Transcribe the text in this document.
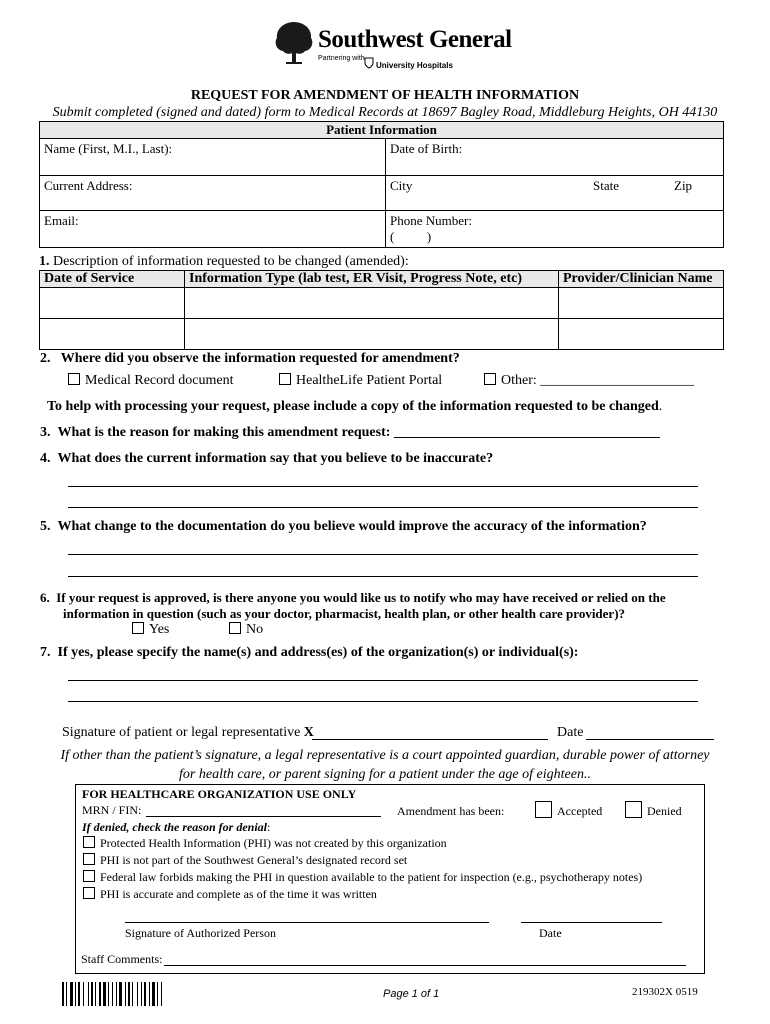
Southwest General
Partnering with
University Hospitals
REQUEST FOR AMENDMENT OF HEALTH INFORMATION
Submit completed (signed and dated) form to Medical Records at 18697 Bagley Road, Middleburg Heights, OH 44130
Patient Information	
Name (First, M.I., Last):	Date of Birth:
Current Address:	City State Zip

Email:	Phone Number:
(          )
1. Description of information requested to be changed (amended):
Date of Service	Information Type (lab test, ER Visit, Progress Note, etc)	Provider/Clinician Name

2. Where did you observe the information requested for amendment?
Medical Record document	HealtheLife Patient Portal	Other: ______________________
To help with processing your request, please include a copy of the information requested to be changed.
3. What is the reason for making this amendment request: ______________________________________
4. What does the current information say that you believe to be inaccurate?
5. What change to the documentation do you believe would improve the accuracy of the information?
6. If your request is approved, is there anyone you would like us to notify who may have received or relied on the
information in question (such as your doctor, pharmacist, health plan, or other health care provider)?
Yes	No
7. If yes, please specify the name(s) and address(es) of the organization(s) or individual(s):
Signature of patient or legal representative X	Date
If other than the patient’s signature, a legal representative is a court appointed guardian, durable power of attorney
for health care, or parent signing for a patient under the age of eighteen..
FOR HEALTHCARE ORGANIZATION USE ONLY
MRN / FIN:	Amendment has been:	Accepted	Denied
If denied, check the reason for denial:
Protected Health Information (PHI) was not created by this organization
PHI is not part of the Southwest General’s designated record set
Federal law forbids making the PHI in question available to the patient for inspection (e.g., psychotherapy notes)
PHI is accurate and complete as of the time it was written
Signature of Authorized Person	Date
Staff Comments:
Page 1 of 1	219302X 0519
